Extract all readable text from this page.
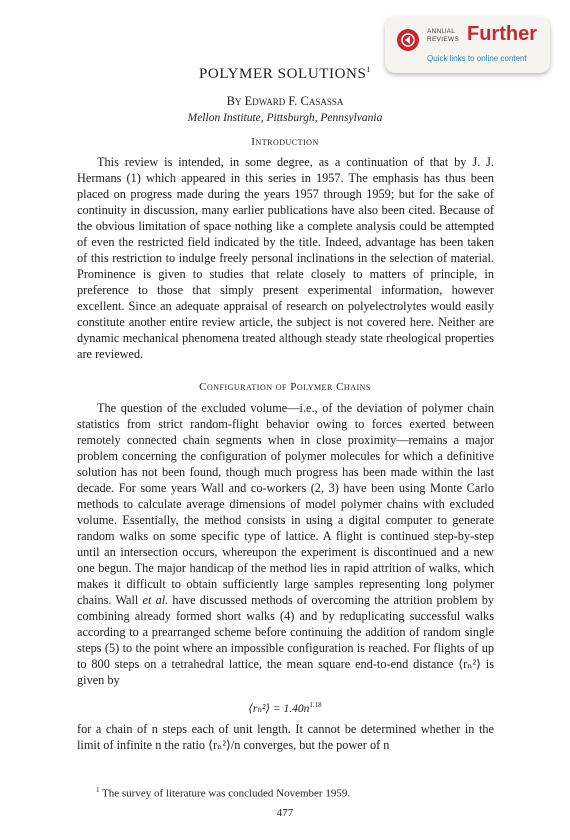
ANNUAL
REVIEWS Further
Quick links to online content
POLYMER SOLUTIONS$^1$
By Edward F. Casassa
Mellon Institute, Pittsburgh, Pennsylvania
Introduction

This review is intended, in some degree, as a continuation of that by J. J. Hermans (1) which appeared in this series in 1957. The emphasis has thus been placed on progress made during the years 1957 through 1959; but for the sake of continuity in discussion, many earlier publications have also been cited. Because of the obvious limitation of space nothing like a complete analysis could be attempted of even the restricted field indicated by the title. Indeed, advantage has been taken of this restriction to indulge freely personal inclinations in the selection of material. Prominence is given to studies that relate closely to matters of principle, in preference to those that simply present experimental information, however excellent. Since an adequate appraisal of research on polyelectrolytes would easily constitute another entire review article, the subject is not covered here. Neither are dynamic mechanical phenomena treated although steady state rheological properties are reviewed.

Configuration of Polymer Chains

The question of the excluded volume—i.e., of the deviation of polymer chain statistics from strict random-flight behavior owing to forces exerted between remotely connected chain segments when in close proximity—remains a major problem concerning the configuration of polymer molecules for which a definitive solution has not been found, though much progress has been made within the last decade. For some years Wall and co-workers (2, 3) have been using Monte Carlo methods to calculate average dimensions of model polymer chains with excluded volume. Essentially, the method consists in using a digital computer to generate random walks on some specific type of lattice. A flight is continued step-by-step until an intersection occurs, whereupon the experiment is discontinued and a new one begun. The major handicap of the method lies in rapid attrition of walks, which makes it difficult to obtain sufficiently large samples representing long polymer chains. Wall et al. have discussed methods of overcoming the attrition problem by combining already formed short walks (4) and by reduplicating successful walks according to a prearranged scheme before continuing the addition of random single steps (5) to the point where an impossible configuration is reached. For flights of up to 800 steps on a tetrahedral lattice, the mean square end-to-end distance ⟨rₙ²⟩ is given by

⟨rₙ²⟩ = $1.40n^{1.18}$

for a chain of n steps each of unit length. It cannot be determined whether in the limit of infinite n the ratio ⟨rₙ²⟩/n converges, but the power of n

$^1$ The survey of literature was concluded November 1959.
477
